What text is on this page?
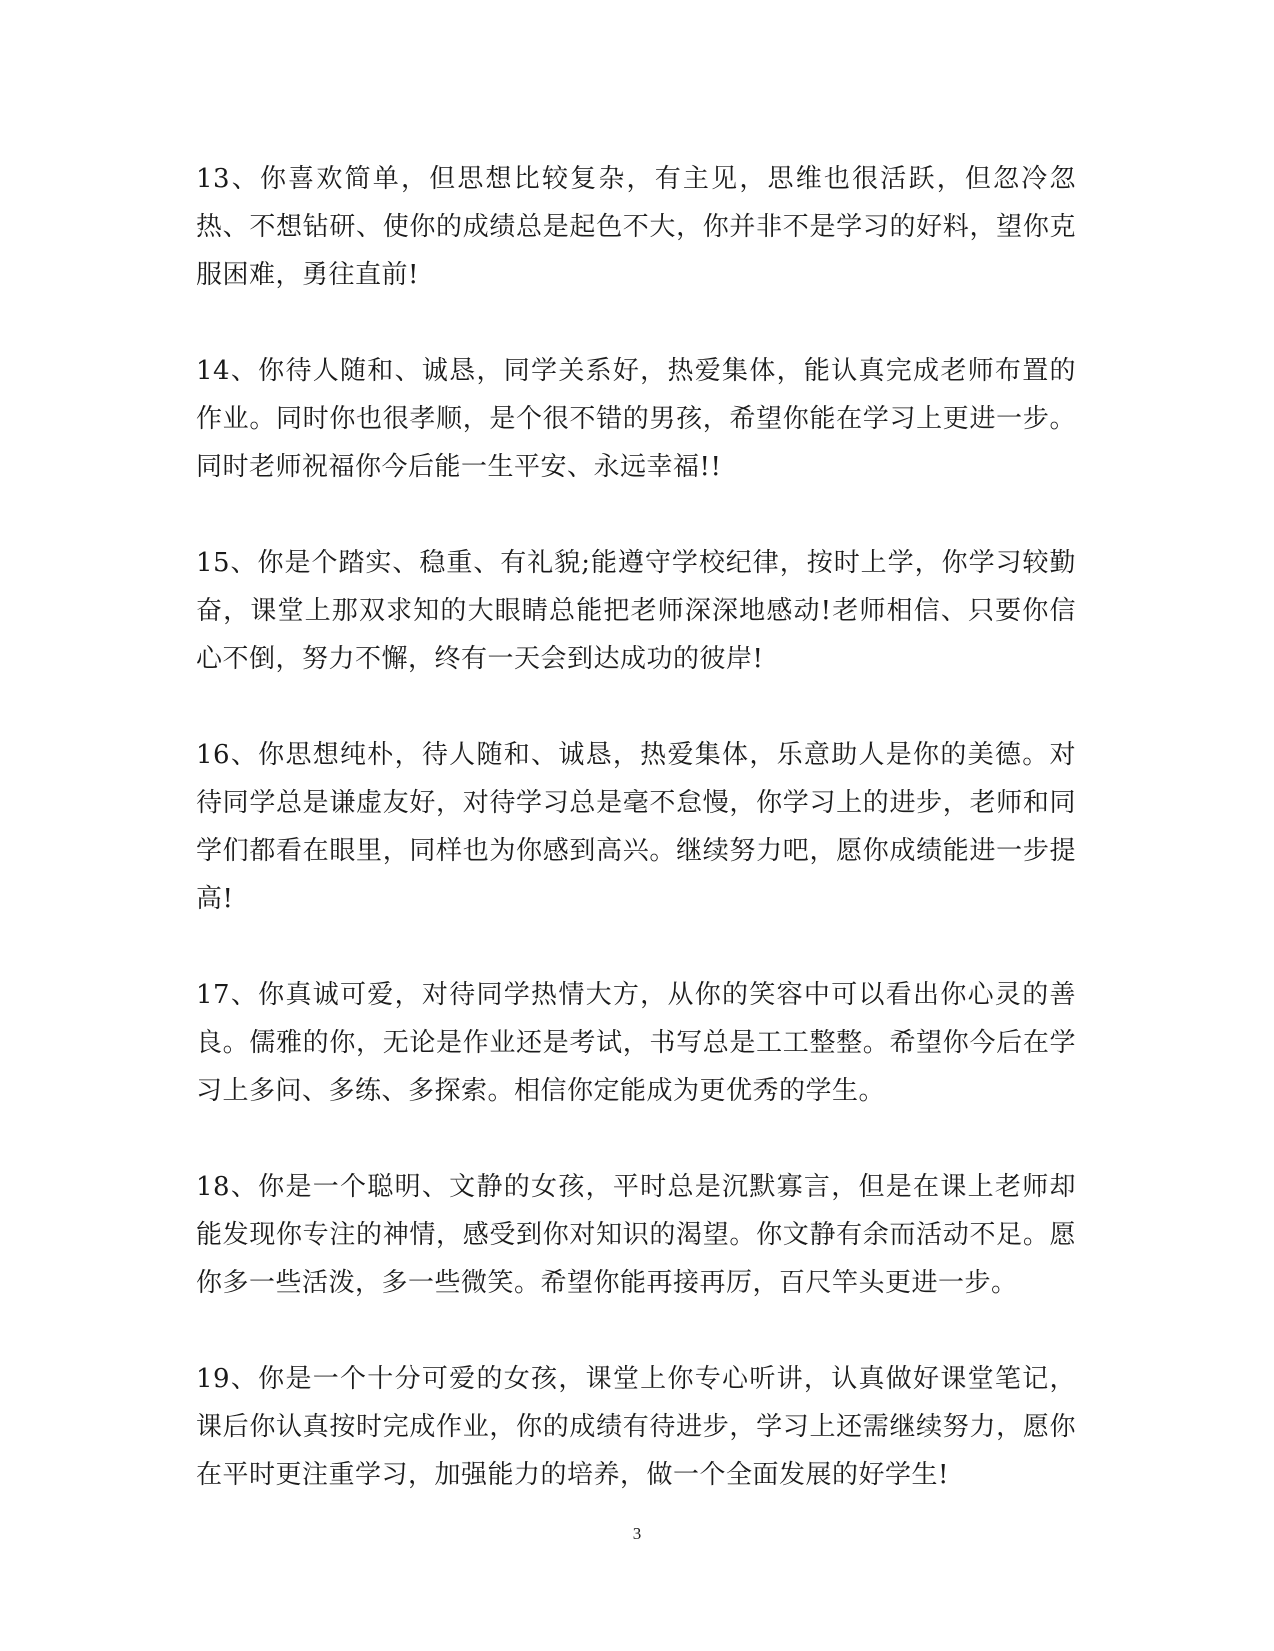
13、你喜欢简单，但思想比较复杂，有主见，思维也很活跃，但忽冷忽热、不想钻研、使你的成绩总是起色不大，你并非不是学习的好料，望你克服困难，勇往直前!

14、你待人随和、诚恳，同学关系好，热爱集体，能认真完成老师布置的作业。同时你也很孝顺，是个很不错的男孩，希望你能在学习上更进一步。同时老师祝福你今后能一生平安、永远幸福!!

15、你是个踏实、稳重、有礼貌;能遵守学校纪律，按时上学，你学习较勤奋，课堂上那双求知的大眼睛总能把老师深深地感动!老师相信、只要你信心不倒，努力不懈，终有一天会到达成功的彼岸!

16、你思想纯朴，待人随和、诚恳，热爱集体，乐意助人是你的美德。对待同学总是谦虚友好，对待学习总是毫不怠慢，你学习上的进步，老师和同学们都看在眼里，同样也为你感到高兴。继续努力吧，愿你成绩能进一步提高!

17、你真诚可爱，对待同学热情大方，从你的笑容中可以看出你心灵的善良。儒雅的你，无论是作业还是考试，书写总是工工整整。希望你今后在学习上多问、多练、多探索。相信你定能成为更优秀的学生。

18、你是一个聪明、文静的女孩，平时总是沉默寡言，但是在课上老师却能发现你专注的神情，感受到你对知识的渴望。你文静有余而活动不足。愿你多一些活泼，多一些微笑。希望你能再接再厉，百尺竿头更进一步。

19、你是一个十分可爱的女孩，课堂上你专心听讲，认真做好课堂笔记，课后你认真按时完成作业，你的成绩有待进步，学习上还需继续努力，愿你在平时更注重学习，加强能力的培养，做一个全面发展的好学生!

3
